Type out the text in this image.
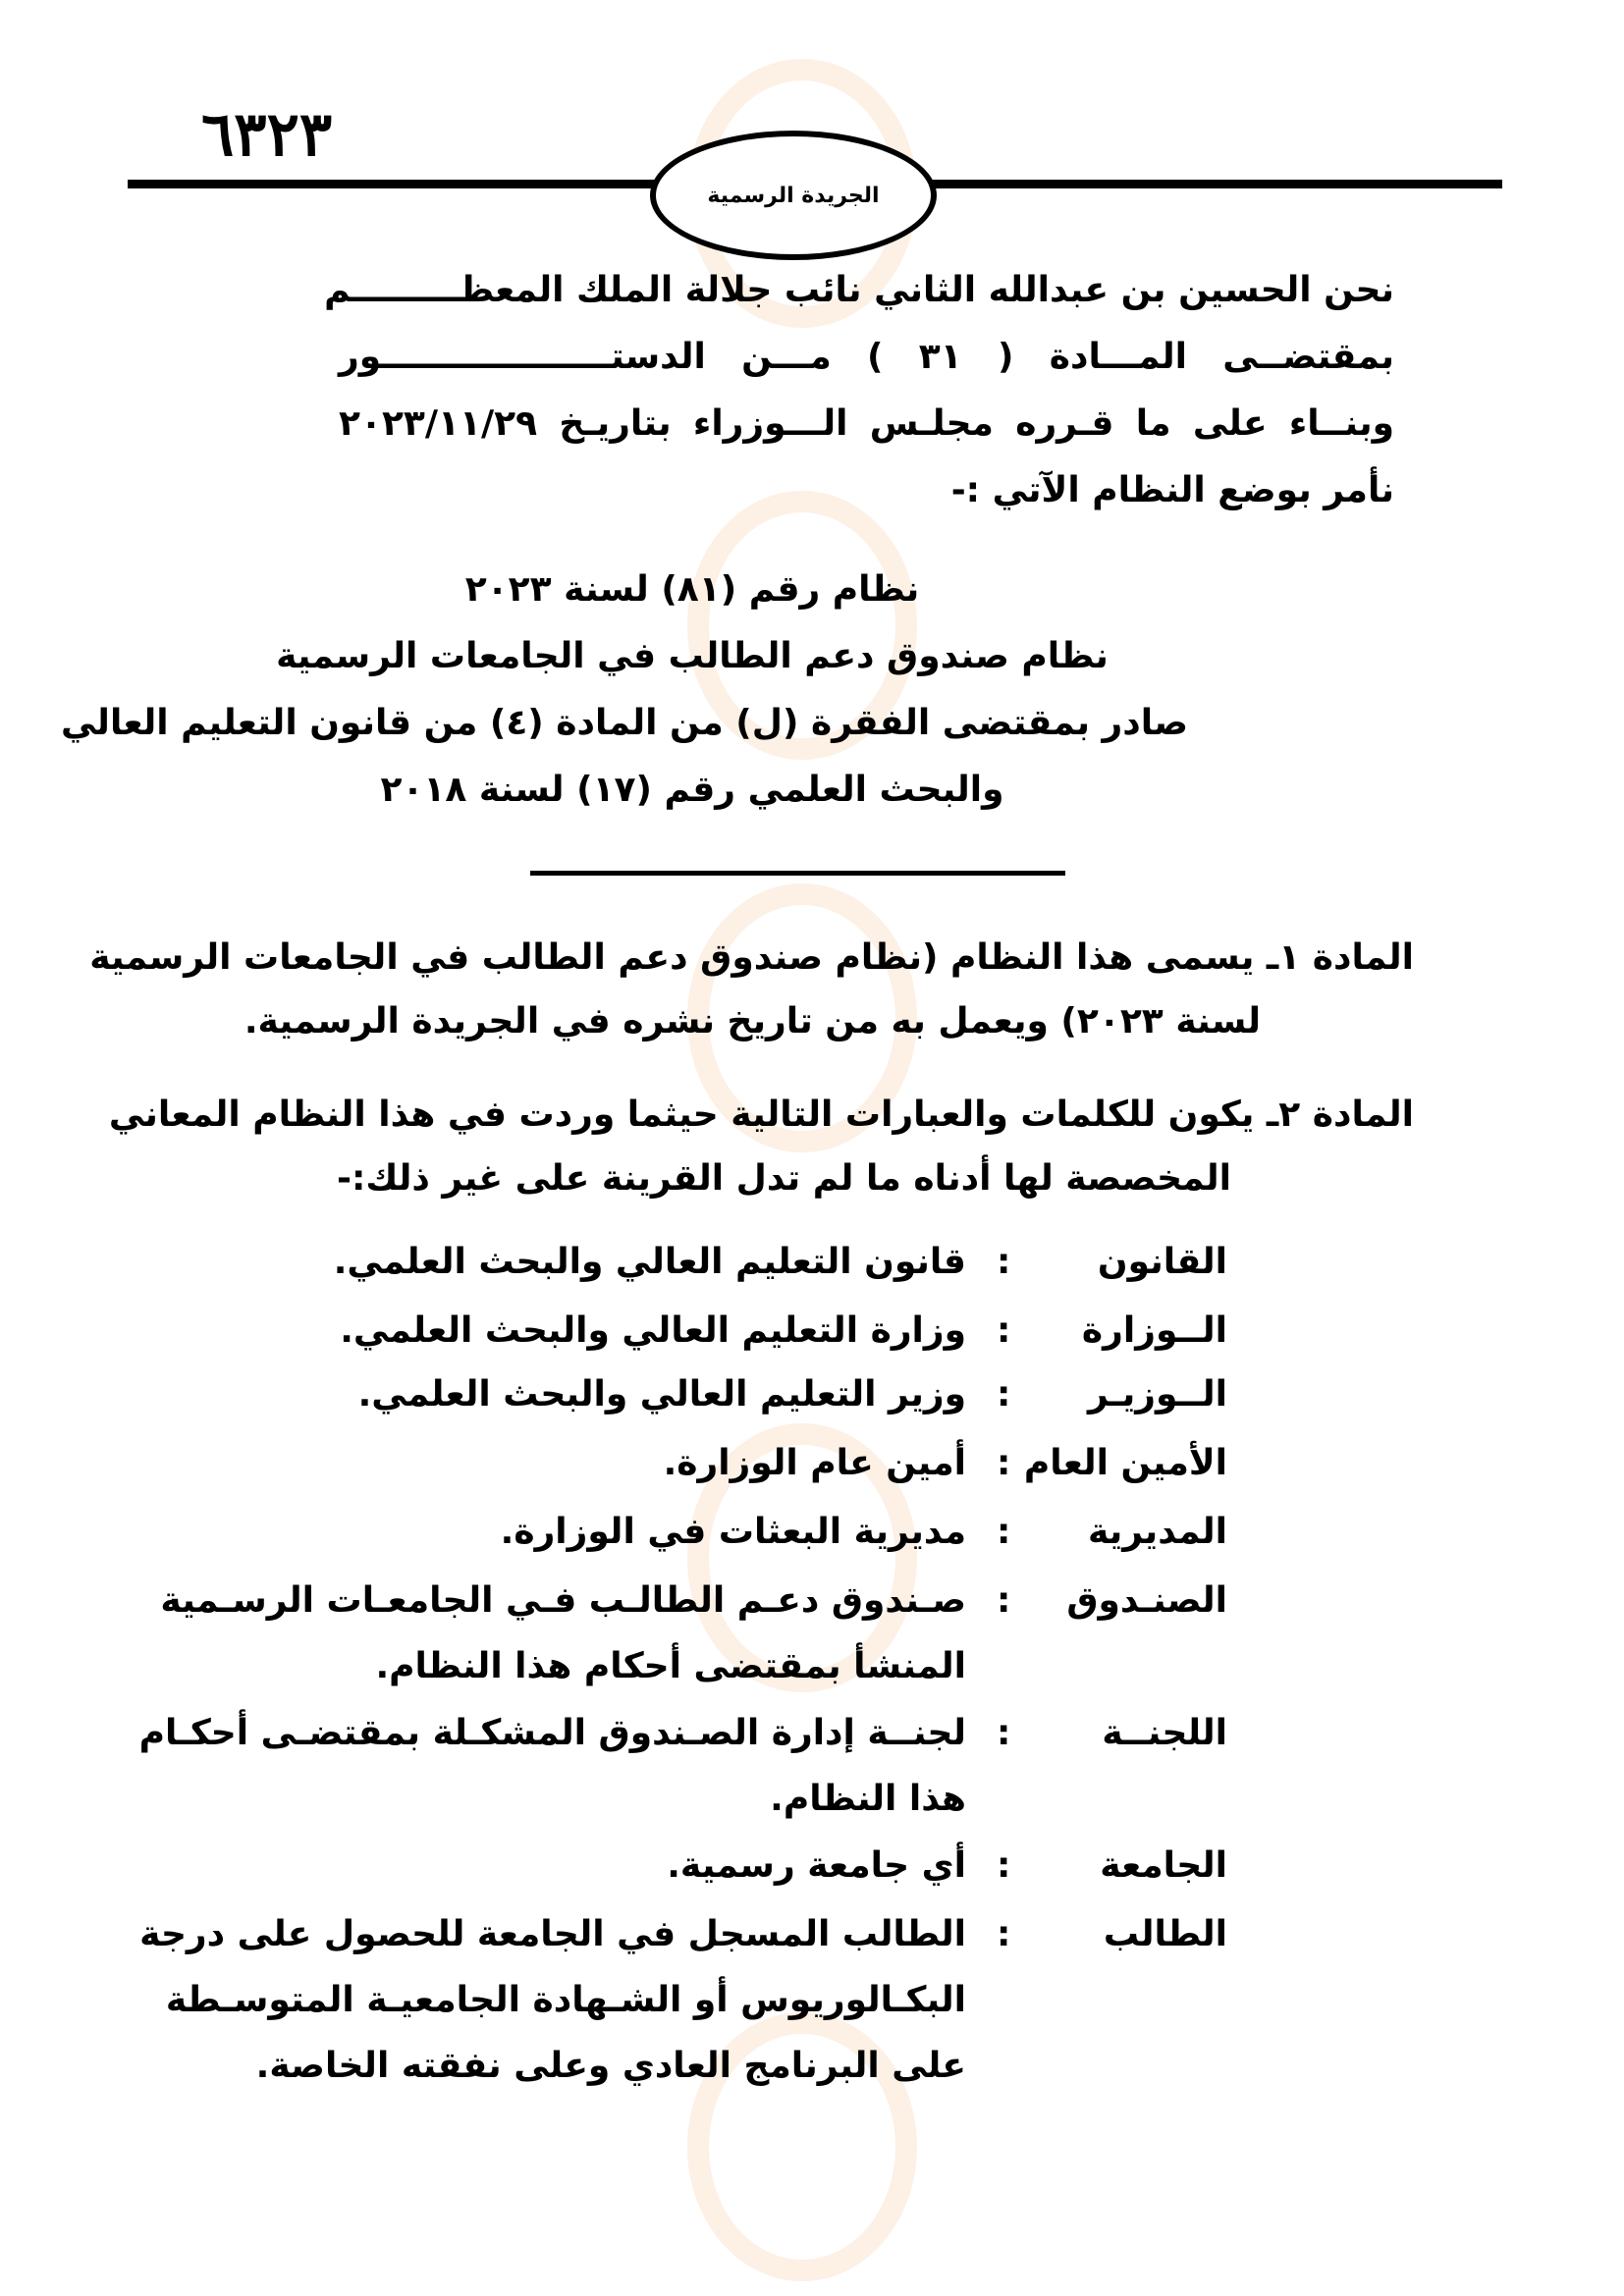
٦٣٢٣
الجريدة الرسمية
نحن الحسين بن عبدالله الثاني نائب جلالة الملك المعظـــــــــم
بمقتضــى المـــادة ( ٣١ ) مـــن الدستـــــــــــــــــــور
وبنــاء على ما قـرره مجلـس الـــوزراء بتاريـخ ٢٠٢٣/١١/٢٩
نأمر بوضع النظام الآتي :-
نظام رقم (٨١) لسنة ٢٠٢٣
نظام صندوق دعم الطالب في الجامعات الرسمية
صادر بمقتضى الفقرة (ل) من المادة (٤) من قانون التعليم العالي
والبحث العلمي رقم (١٧) لسنة ٢٠١٨
المادة ١ـ يسمى هذا النظام (نظام صندوق دعم الطالب في الجامعات الرسمية
لسنة ٢٠٢٣) ويعمل به من تاريخ نشره في الجريدة الرسمية.
المادة ٢ـ يكون للكلمات والعبارات التالية حيثما وردت في هذا النظام المعاني
المخصصة لها أدناه ما لم تدل القرينة على غير ذلك:-
القانون
:
قانون التعليم العالي والبحث العلمي.
الــوزارة
:
وزارة التعليم العالي والبحث العلمي.
الــوزيـر
:
وزير التعليم العالي والبحث العلمي.
الأمين العام
:
أمين عام الوزارة.
المديرية
:
مديرية البعثات في الوزارة.
الصنـدوق
:
صـندوق دعـم الطالـب فـي الجامعـات الرسـمية
المنشأ بمقتضى أحكام هذا النظام.
اللجنــة
:
لجنــة إدارة الصـندوق المشكـلة بمقتضـى أحكـام
هذا النظام.
الجامعة
:
أي جامعة رسمية.
الطالب
:
الطالب المسجل في الجامعة للحصول على درجة
البكـالوريوس أو الشـهادة الجامعيـة المتوسـطة
على البرنامج العادي وعلى نفقته الخاصة.
